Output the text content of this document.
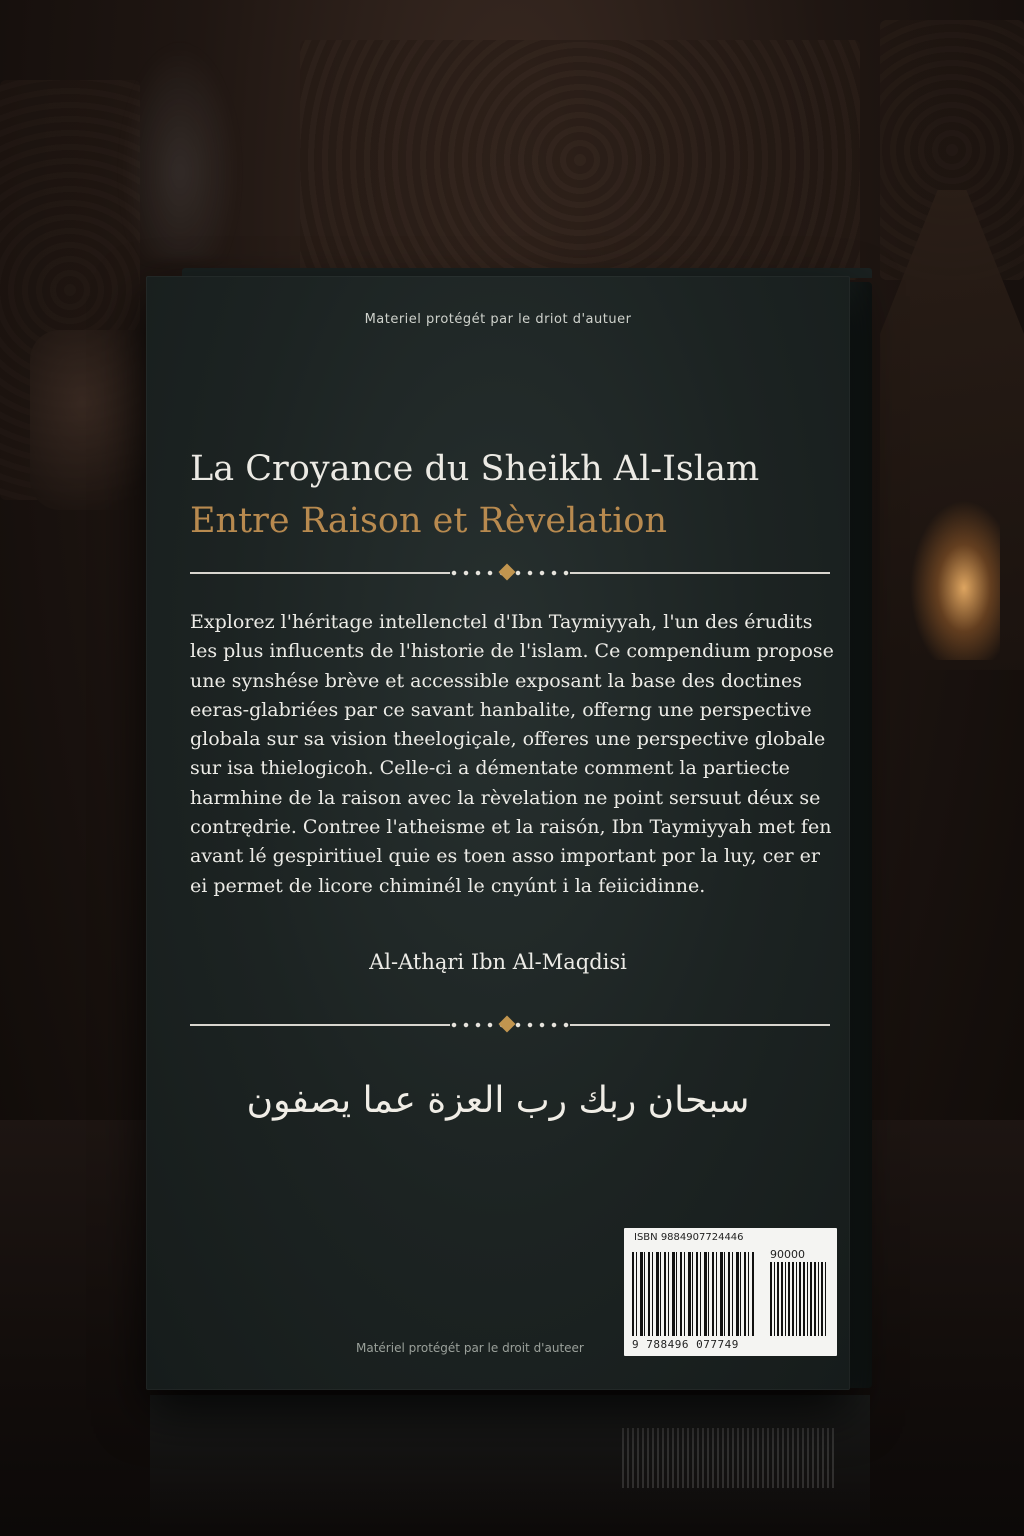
Materiel protégét par le driot d'autuer
La Croyance du Sheikh Al-Islam
Entre Raison et Rèvelation

Explorez l'héritage intellenctel d'Ibn Taymiyyah, l'un des érudits les plus influcents de l'historie de l'islam. Ce compendium propose une synshése brève et accessible exposant la base des doctines eeras-glabriées par ce savant hanbalite, offerng une perspective globala sur sa vision theelogiçale, offeres une perspective globale sur isa thielogicoh. Celle-ci a démentate comment la partiecte harmhine de la raison avec la rèvelation ne point sersuut déux se contrędrie. Contree l'atheisme et la raisón, Ibn Taymiyyah met fen avant lé gespiritiuel quie es toen asso important por la luy, cer er ei permet de licore chiminél le cnyúnt i la feiicidinne.

Al-Athąri Ibn Al-Maqdisi
سبحان ربك رب العزة عما يصفون
Matériel protégét par le droit d'auteer
ISBN 9884907724446
90000
9 788496 077749
